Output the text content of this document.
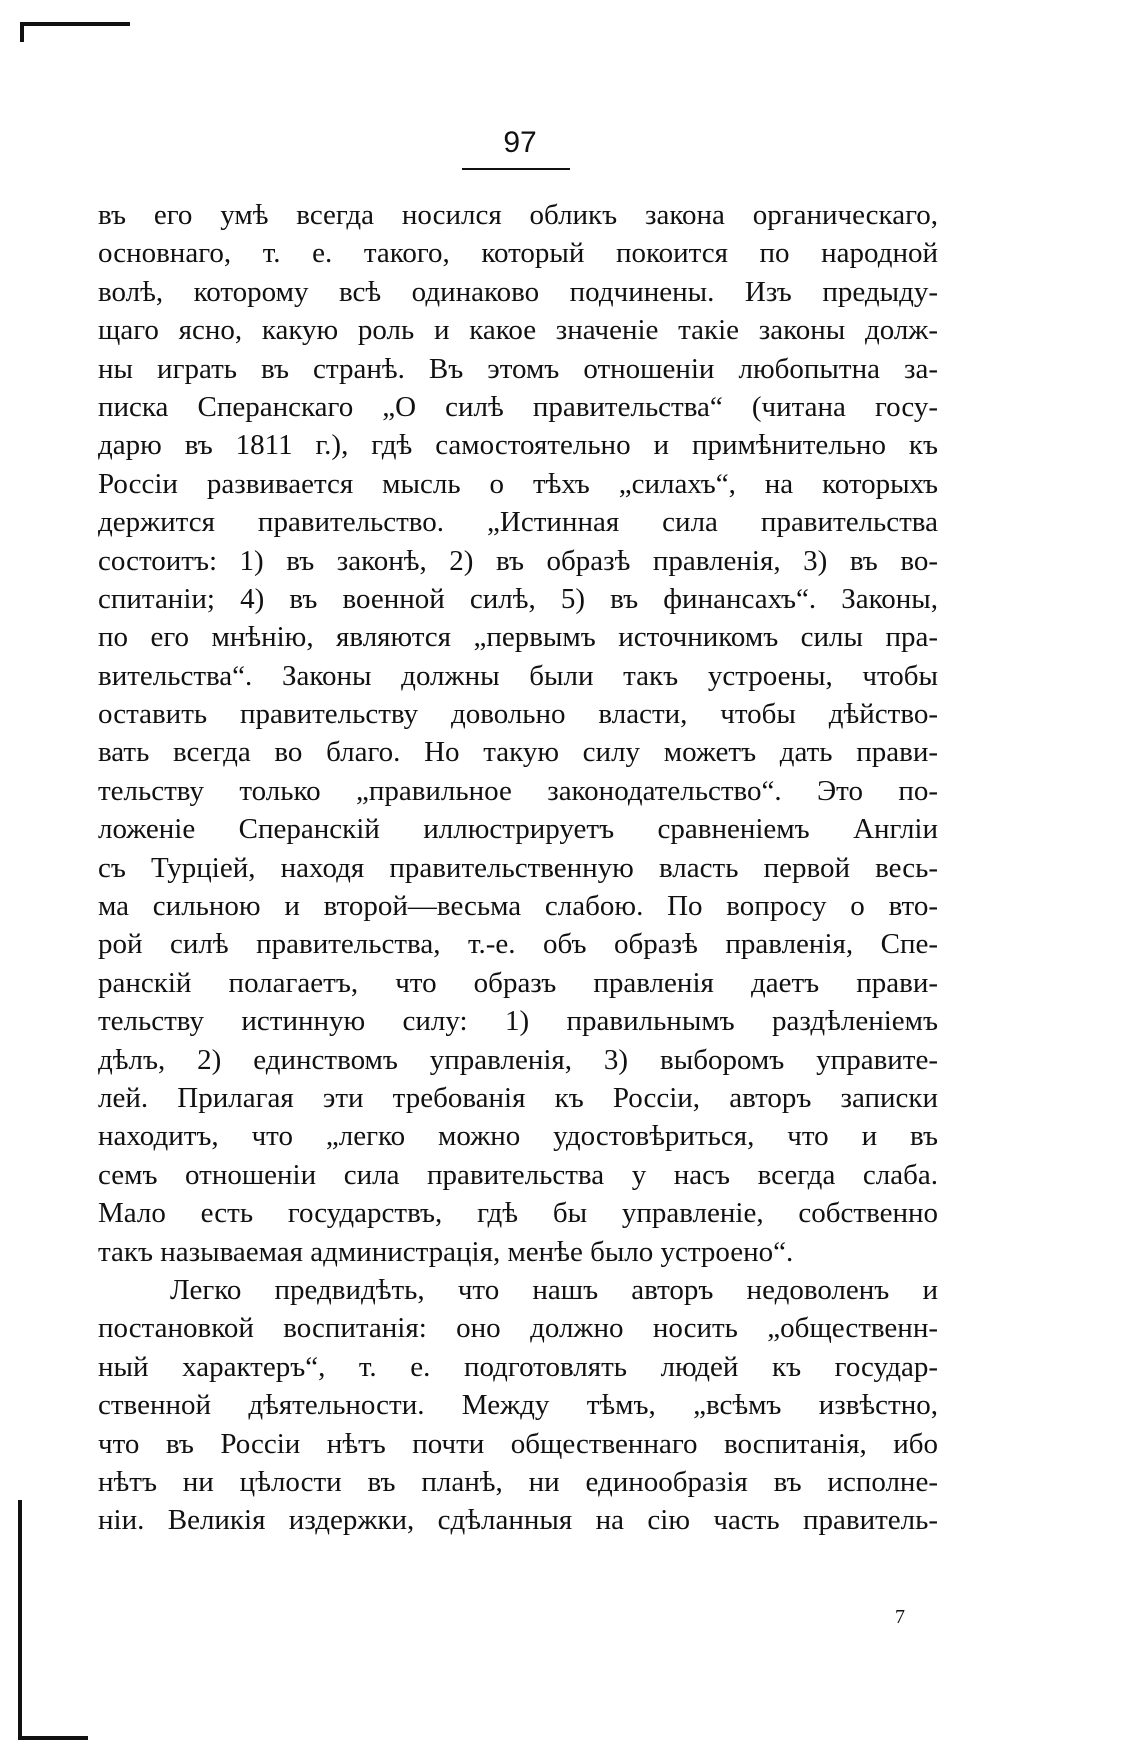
97
въ его умѣ всегда носился обликъ закона органическаго,
основнаго, т. е. такого, который покоится по народной
волѣ, которому всѣ одинаково подчинены. Изъ предыду-
щаго ясно, какую роль и какое значеніе такіе законы долж-
ны играть въ странѣ. Въ этомъ отношеніи любопытна за-
писка Сперанскаго „О силѣ правительства“ (читана госу-
дарю въ 1811 г.), гдѣ самостоятельно и примѣнительно къ
Россіи развивается мысль о тѣхъ „силахъ“, на которыхъ
держится правительство. „Истинная сила правительства
состоитъ: 1) въ законѣ, 2) въ образѣ правленія, 3) въ во-
спитаніи; 4) въ военной силѣ, 5) въ финансахъ“. Законы,
по его мнѣнію, являются „первымъ источникомъ силы пра-
вительства“. Законы должны были такъ устроены, чтобы
оставить правительству довольно власти, чтобы дѣйство-
вать всегда во благо. Но такую силу можетъ дать прави-
тельству только „правильное законодательство“. Это по-
ложеніе Сперанскій иллюстрируетъ сравненіемъ Англіи
съ Турціей, находя правительственную власть первой весь-
ма сильною и второй—весьма слабою. По вопросу о вто-
рой силѣ правительства, т.-е. объ образѣ правленія, Спе-
ранскій полагаетъ, что образъ правленія даетъ прави-
тельству истинную силу: 1) правильнымъ раздѣленіемъ
дѣлъ, 2) единствомъ управленія, 3) выборомъ управите-
лей. Прилагая эти требованія къ Россіи, авторъ записки
находитъ, что „легко можно удостовѣриться, что и въ
семъ отношеніи сила правительства у насъ всегда слаба.
Мало есть государствъ, гдѣ бы управленіе, собственно
такъ называемая администрація, менѣе было устроено“.
Легко предвидѣть, что нашъ авторъ недоволенъ и
постановкой воспитанія: оно должно носить „общественн-
ный характеръ“, т. е. подготовлять людей къ государ-
ственной дѣятельности. Между тѣмъ, „всѣмъ извѣстно,
что въ Россіи нѣтъ почти общественнаго воспитанія, ибо
нѣтъ ни цѣлости въ планѣ, ни единообразія въ исполне-
ніи. Великія издержки, сдѣланныя на сію часть правитель-
7
